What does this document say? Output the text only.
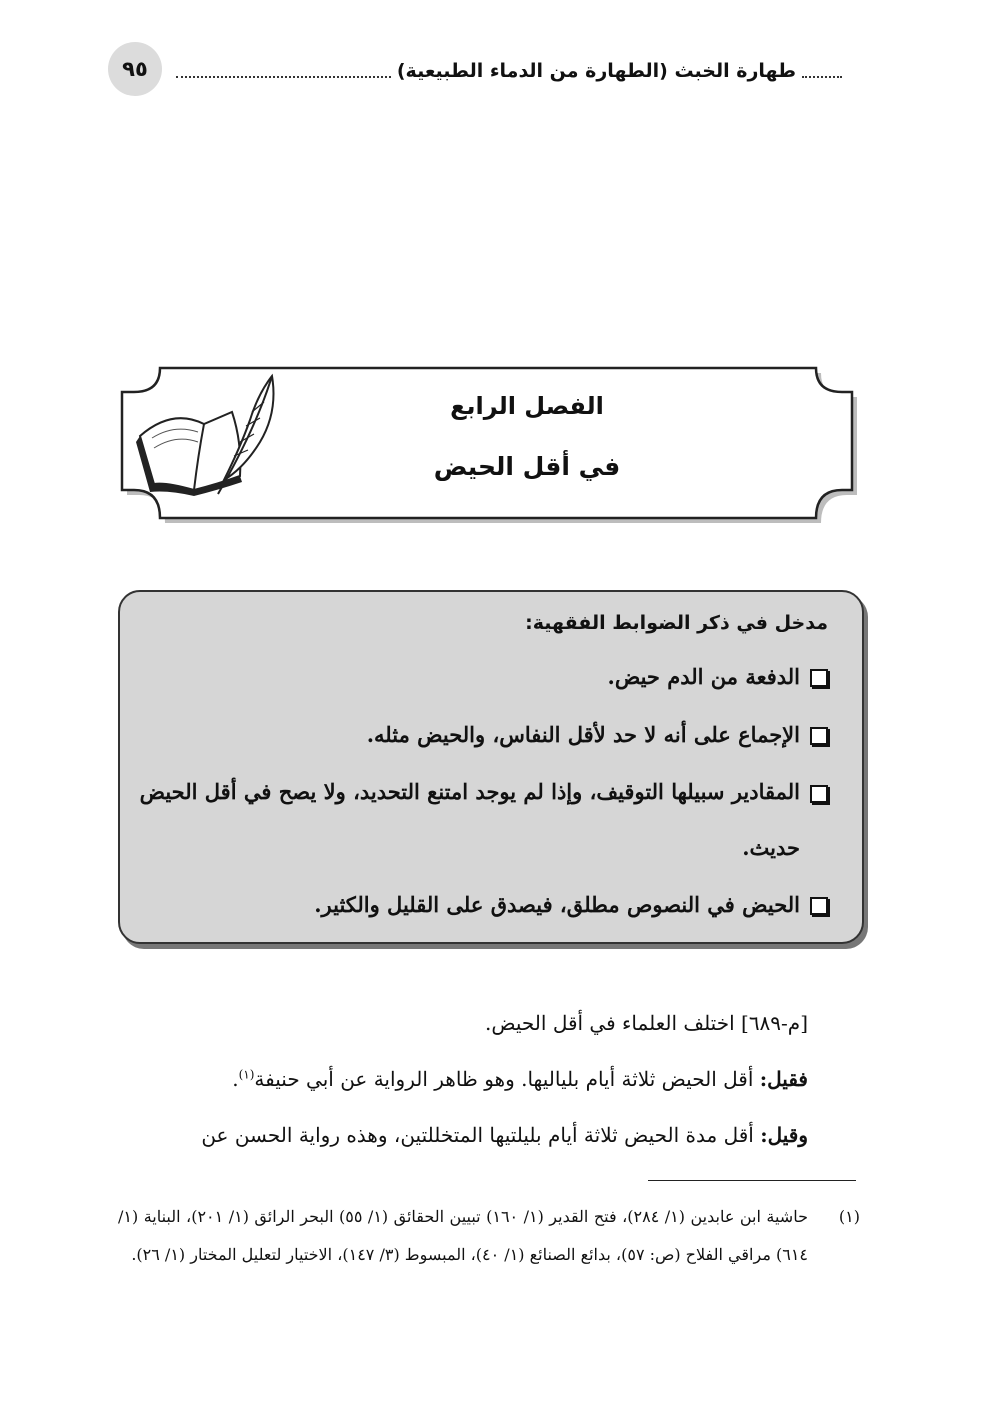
٩٥	طهارة الخبث (الطهارة من الدماء الطبيعية)
الفصل الرابع
في أقل الحيض
مدخل في ذكر الضوابط الفقهية:
الدفعة من الدم حيض.
الإجماع على أنه لا حد لأقل النفاس، والحيض مثله.
المقادير سبيلها التوقيف، وإذا لم يوجد امتنع التحديد، ولا يصح في أقل الحيض حديث.
الحيض في النصوص مطلق، فيصدق على القليل والكثير.

[م-٦٨٩] اختلف العلماء في أقل الحيض.

فقيل: أقل الحيض ثلاثة أيام بلياليها. وهو ظاهر الرواية عن أبي حنيفة$^{(١)}$.

وقيل: أقل مدة الحيض ثلاثة أيام بليلتيها المتخللتين، وهذه رواية الحسن عن

(١)
حاشية ابن عابدين (١/ ٢٨٤)، فتح القدير (١/ ١٦٠) تبيين الحقائق (١/ ٥٥) البحر الرائق (١/ ٢٠١)، البناية (١/ ٦١٤) مراقي الفلاح (ص: ٥٧)، بدائع الصنائع (١/ ٤٠)، المبسوط (٣/ ١٤٧)، الاختيار لتعليل المختار (١/ ٢٦).
